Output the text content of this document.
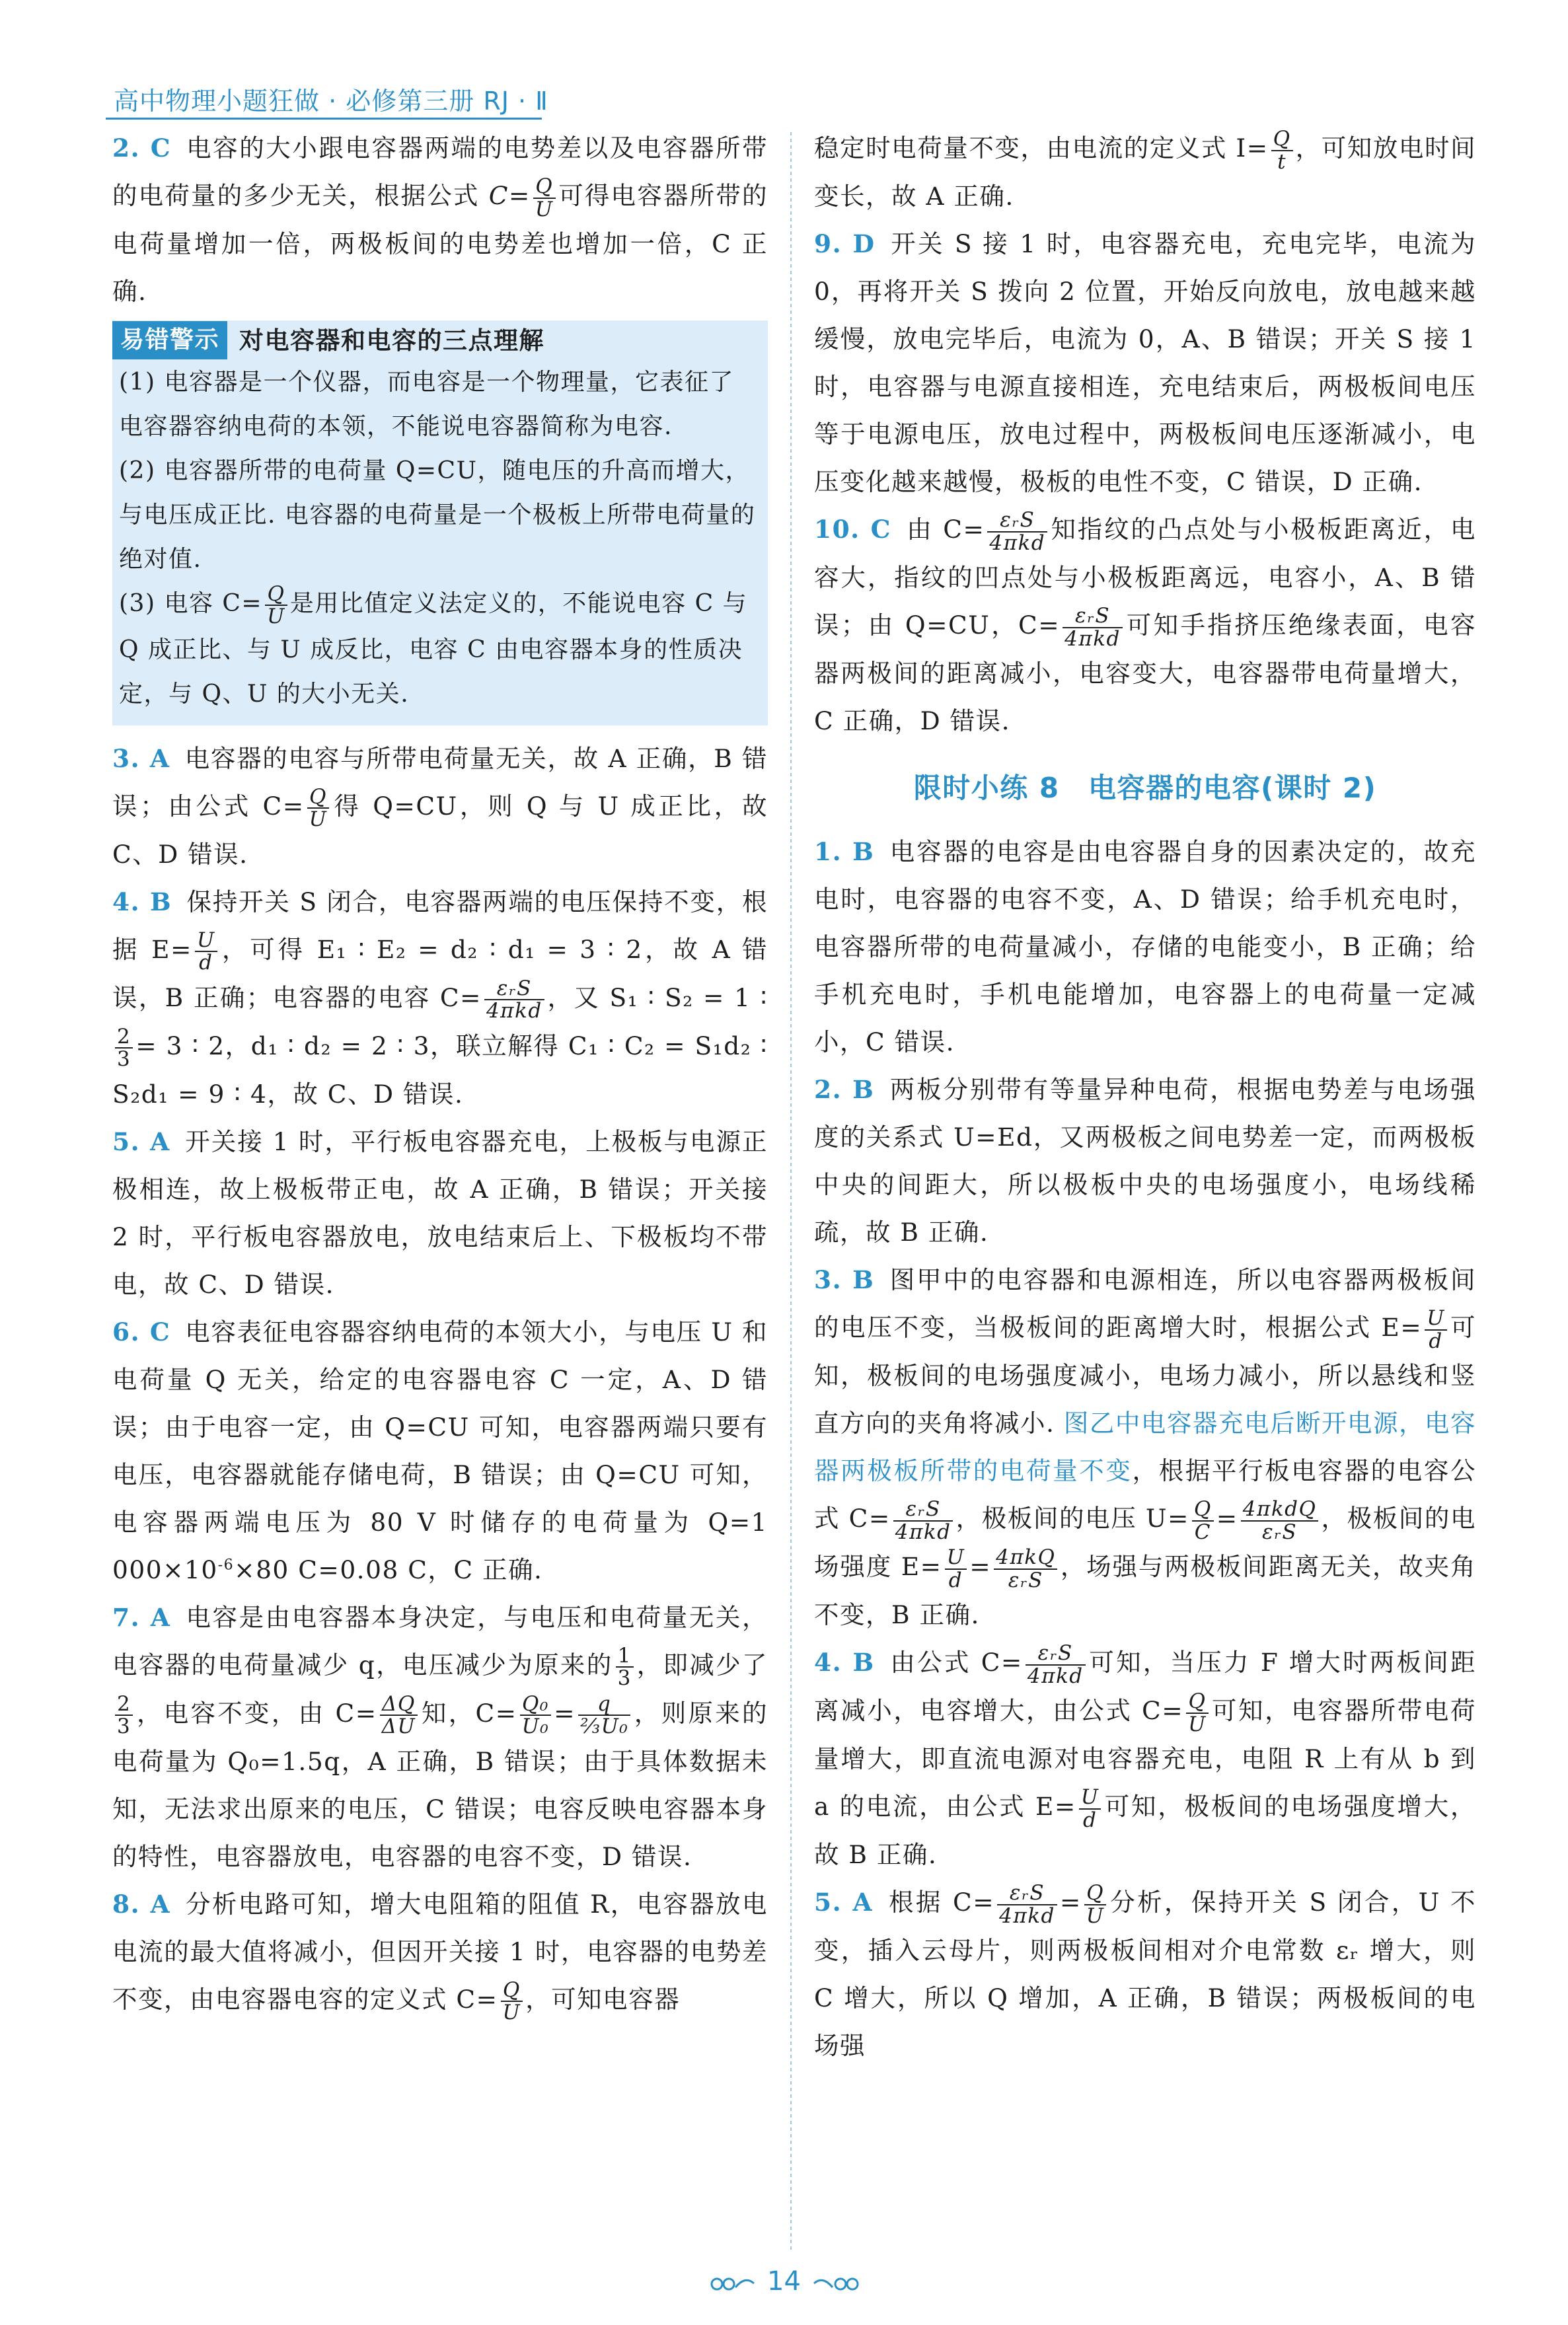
高中物理小题狂做 · 必修第三册 RJ · Ⅱ

2. C 电容的大小跟电容器两端的电势差以及电容器所带的电荷量的多少无关，根据公式 $C= \frac{Q}{U}$ 可得电容器所带的电荷量增加一倍，两极板间的电势差也增加一倍，C 正确.

易错警示 对电容器和电容的三点理解
(1) 电容器是一个仪器，而电容是一个物理量，它表征了电容器容纳电荷的本领，不能说电容器简称为电容.
(2) 电容器所带的电荷量 Q=CU，随电压的升高而增大，与电压成正比. 电容器的电荷量是一个极板上所带电荷量的绝对值.
(3) 电容 $C= \frac{Q}{U}$ 是用比值定义法定义的，不能说电容 C 与 Q 成正比、与 U 成反比，电容 C 由电容器本身的性质决定，与 Q、U 的大小无关.

3. A 电容器的电容与所带电荷量无关，故 A 正确，B 错误；由公式 $C= \frac{Q}{U}$ 得 Q=CU，则 Q 与 U 成正比，故 C、D 错误.

4. B 保持开关 S 闭合，电容器两端的电压保持不变，根据 $E= \frac{U}{d}$ ，可得 E₁ ∶ E₂ = d₂ ∶ d₁ = 3 ∶ 2，故 A 错误，B 正确；电容器的电容 C= εᵣS
4πkd ，又 S₁ ∶ S₂ = 1 ∶
$\frac{2}{3} = 3$ ∶ 2，d₁ ∶ d₂ = 2 ∶ 3，联立解得 C₁ ∶ C₂ = S₁d₂ ∶ S₂d₁ = 9 ∶ 4，故 C、D 错误.

5. A 开关接 1 时，平行板电容器充电，上极板与电源正极相连，故上极板带正电，故 A 正确，B 错误；开关接 2 时，平行板电容器放电，放电结束后上、下极板均不带电，故 C、D 错误.

6. C 电容表征电容器容纳电荷的本领大小，与电压 U 和电荷量 Q 无关，给定的电容器电容 C 一定，A、D 错误；由于电容一定，由 Q=CU 可知，电容器两端只要有电压，电容器就能存储电荷，B 错误；由 Q=CU 可知，电容器两端电压为 80 V 时储存的电荷量为 Q=1 $000\times 10^{-6}\times 80$ C=0.08 C，C 正确.

7. A 电容是由电容器本身决定，与电压和电荷量无关，电容器的电荷量减少 q，电压减少为原来的 $\frac{1}{3}$ ，即减少了
$\frac{2}{3}$ ，电容不变，由 $C= \frac{\Delta Q}{\Delta U}$ 知，$C= \frac{\text{Q₀}}{\text{U₀}} = \frac{q}{\text{⅔U₀}}$ ，则原来的电荷量为 Q₀=1.5q，A 正确，B 错误；由于具体数据未知，无法求出原来的电压，C 错误；电容反映电容器本身的特性，电容器放电，电容器的电容不变，D 错误.

8. A 分析电路可知，增大电阻箱的阻值 R，电容器放电电流的最大值将减小，但因开关接 1 时，电容器的电势差不变，由电容器电容的定义式 $C= \frac{Q}{U}$ ，可知电容器

稳定时电荷量不变，由电流的定义式 $I= \frac{Q}{t}$ ，可知放电时间变长，故 A 正确.

9. D 开关 S 接 1 时，电容器充电，充电完毕，电流为 0，再将开关 S 拨向 2 位置，开始反向放电，放电越来越缓慢，放电完毕后，电流为 0，A、B 错误；开关 S 接 1 时，电容器与电源直接相连，充电结束后，两极板间电压等于电源电压，放电过程中，两极板间电压逐渐减小，电压变化越来越慢，极板的电性不变，C 错误，D 正确.

10. C 由 C= εᵣS
4πkd 知指纹的凸点处与小极板距离近，电容大，指纹的凹点处与小极板距离远，电容小，A、B 错误；由 Q=CU，C= εᵣS
4πkd 可知手指挤压绝缘表面，电容器两极间的距离减小，电容变大，电容器带电荷量增大，C 正确，D 错误.

限时小练 8　电容器的电容(课时 2)

1. B 电容器的电容是由电容器自身的因素决定的，故充电时，电容器的电容不变，A、D 错误；给手机充电时，电容器所带的电荷量减小，存储的电能变小，B 正确；给手机充电时，手机电能增加，电容器上的电荷量一定减小，C 错误.

2. B 两板分别带有等量异种电荷，根据电势差与电场强度的关系式 U=Ed，又两极板之间电势差一定，而两极板中央的间距大，所以极板中央的电场强度小，电场线稀疏，故 B 正确.

3. B 图甲中的电容器和电源相连，所以电容器两极板间的电压不变，当极板间的距离增大时，根据公式 $E= \frac{U}{d}$ 可知，极板间的电场强度减小，电场力减小，所以悬线和竖直方向的夹角将减小. 图乙中电容器充电后断开电源，电容器两极板所带的电荷量不变，根据平行板电容器的电容公式 C= εᵣS
4πkd ，极板间的电压 $U= \frac{Q}{C} = 4\pi kdQ$
εᵣS ，极板间的电场强度 $E= \frac{U}{d} = 4\pi kQ$
εᵣS ，场强与两极板间距离无关，故夹角不变，B 正确.

4. B 由公式 C= εᵣS
4πkd 可知，当压力 F 增大时两板间距离减小，电容增大，由公式 $C= \frac{Q}{U}$ 可知，电容器所带电荷量增大，即直流电源对电容器充电，电阻 R 上有从 b 到 a 的电流，由公式 $E= \frac{U}{d}$ 可知，极板间的电场强度增大，故 B 正确.

5. A 根据 C= εᵣS
$4\pi kd = \frac{Q}{U}$ 分析，保持开关 S 闭合，U 不变，插入云母片，则两极板间相对介电常数 εᵣ 增大，则 C 增大，所以 Q 增加，A 正确，B 错误；两极板间的电场强

14
